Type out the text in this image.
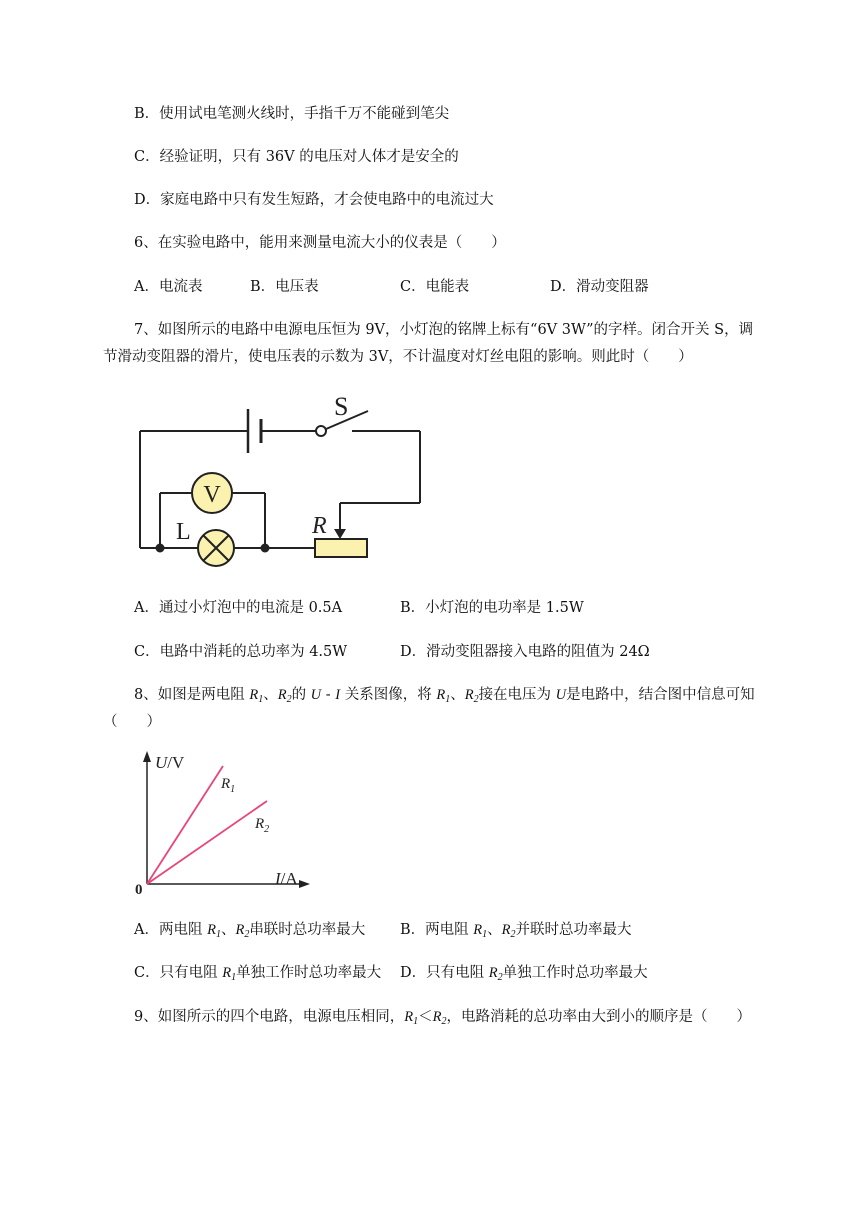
B．使用试电笔测火线时，手指千万不能碰到笔尖
C．经验证明，只有 36V 的电压对人体才是安全的
D．家庭电路中只有发生短路，才会使电路中的电流过大
6、在实验电路中，能用来测量电流大小的仪表是（　　）
A．电流表	B．电压表	C．电能表	D．滑动变阻器
7、如图所示的电路中电源电压恒为 9V，小灯泡的铭牌上标有“6V 3W”的字样。闭合开关 S，调
节滑动变阻器的滑片，使电压表的示数为 3V，不计温度对灯丝电阻的影响。则此时（　　）
V
L
S
R
A．通过小灯泡中的电流是 0.5A	B．小灯泡的电功率是 1.5W
C．电路中消耗的总功率为 4.5W	D．滑动变阻器接入电路的阻值为 24Ω
8、如图是两电阻 $R_1$、$R_2$的 U - I 关系图像，将 $R_1$、$R_2$接在电压为 U是电路中，结合图中信息可知
（　　）
U/V
I/A
0
$R_1$
$R_2$
A．两电阻 $R_1$、$R_2$串联时总功率最大 B．两电阻 $R_1$、$R_2$并联时总功率最大
C．只有电阻 $R_1$单独工作时总功率最大 D．只有电阻 $R_2$单独工作时总功率最大
9、如图所示的四个电路，电源电压相同，$R_1<R_2$，电路消耗的总功率由大到小的顺序是（　　）
